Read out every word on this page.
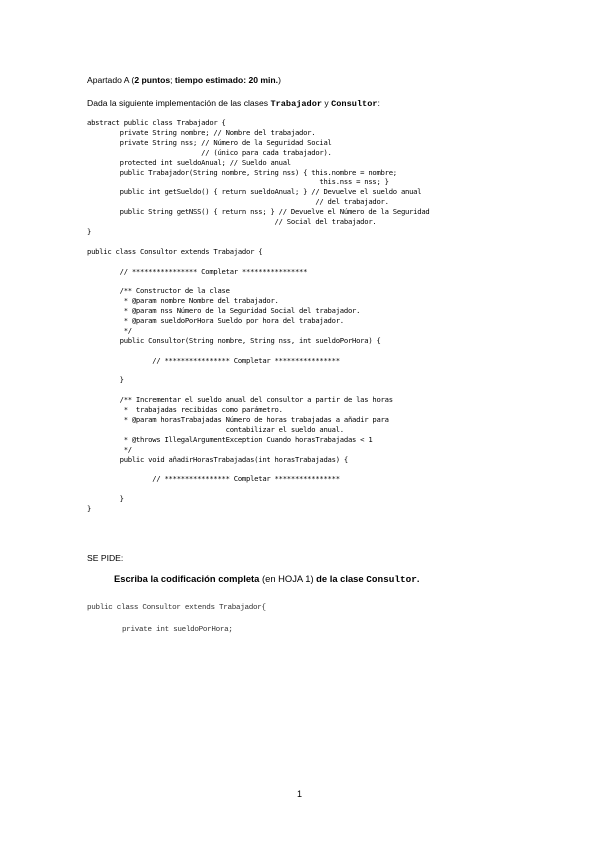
Apartado A (2 puntos; tiempo estimado: 20 min.)
Dada la siguiente implementación de las clases Trabajador y Consultor:
abstract public class Trabajador {
private String nombre; // Nombre del trabajador.
private String nss; // Número de la Seguridad Social
// (único para cada trabajador).
protected int sueldoAnual; // Sueldo anual
public Trabajador(String nombre, String nss) { this.nombre = nombre;
this.nss = nss; }
public int getSueldo() { return sueldoAnual; } // Devuelve el sueldo anual
// del trabajador.
public String getNSS() { return nss; } // Devuelve el Número de la Seguridad
// Social del trabajador.
}
public class Consultor extends Trabajador {
// **************** Completar ****************
/** Constructor de la clase
* @param nombre Nombre del trabajador.
* @param nss Número de la Seguridad Social del trabajador.
* @param sueldoPorHora Sueldo por hora del trabajador.
*/
public Consultor(String nombre, String nss, int sueldoPorHora) {
// **************** Completar ****************
}
/** Incrementar el sueldo anual del consultor a partir de las horas
*  trabajadas recibidas como parámetro.
* @param horasTrabajadas Número de horas trabajadas a añadir para
contabilizar el sueldo anual.
* @throws IllegalArgumentException Cuando horasTrabajadas < 1
*/
public void añadirHorasTrabajadas(int horasTrabajadas) {
// **************** Completar ****************
}
}
SE PIDE:
Escriba la codificación completa (en HOJA 1) de la clase Consultor.
public class Consultor extends Trabajador{
private int sueldoPorHora;
1
